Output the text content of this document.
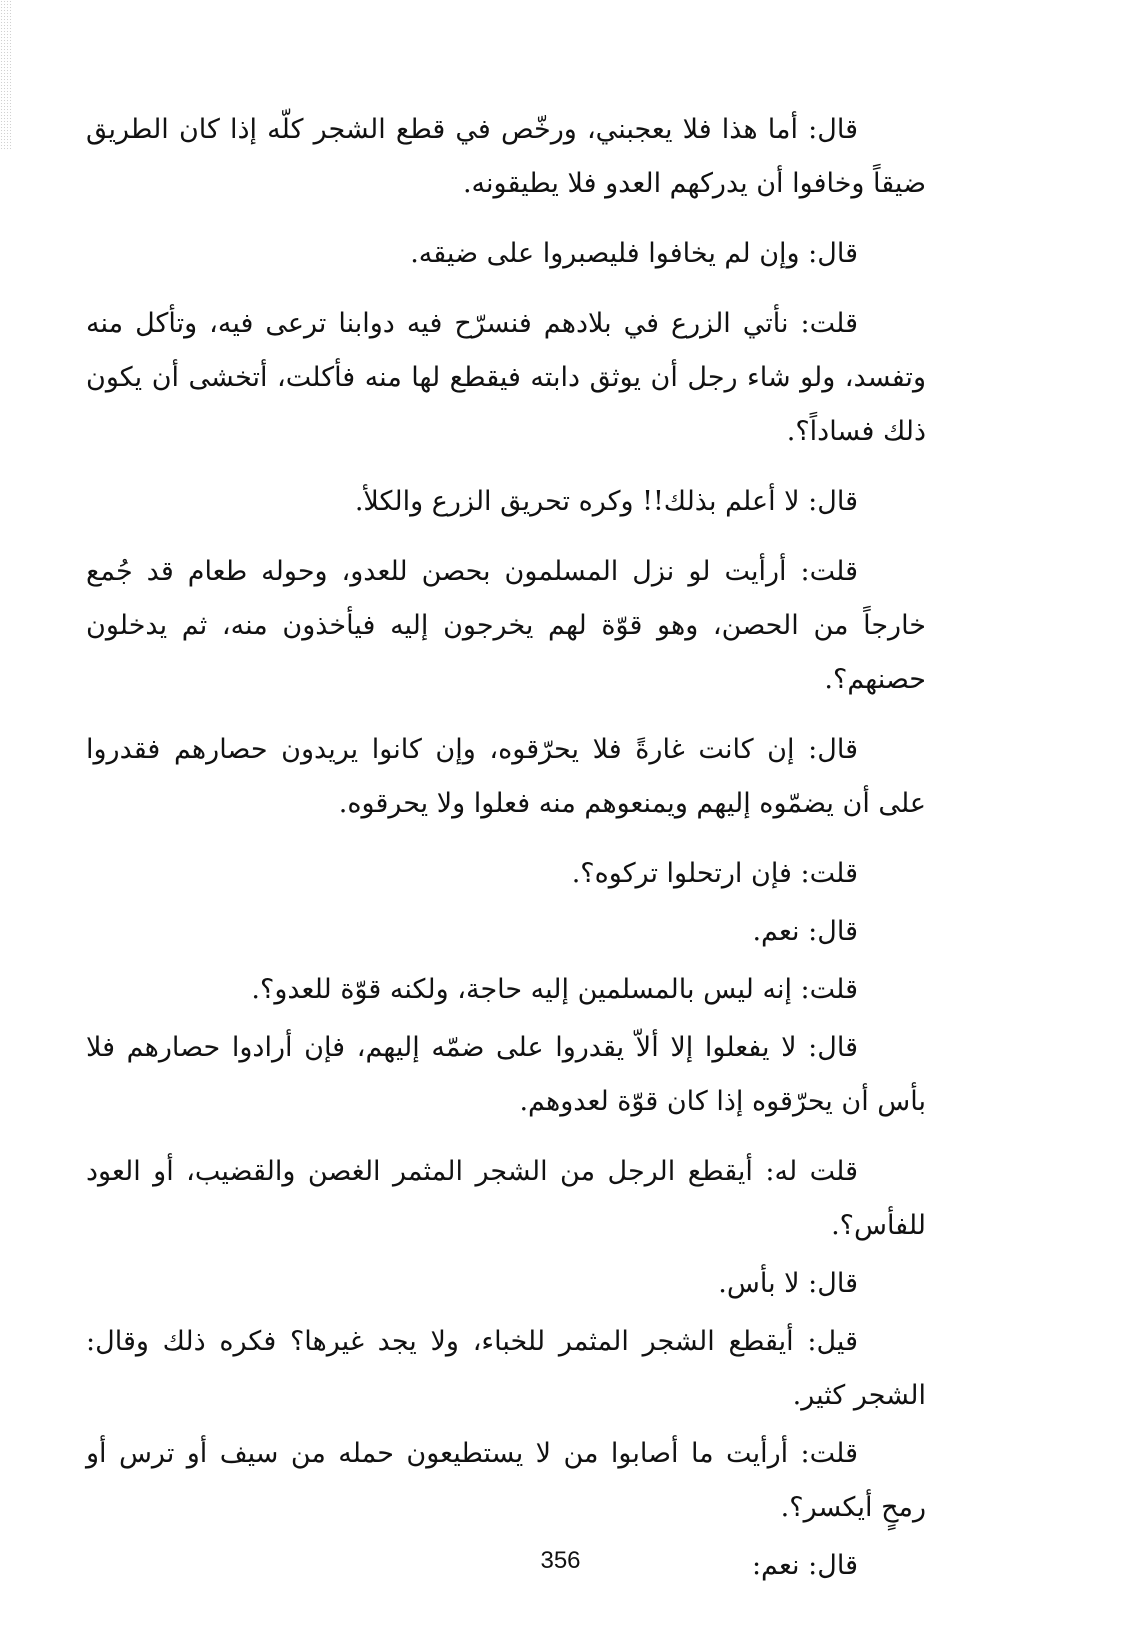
قال: أما هذا فلا يعجبني، ورخّص في قطع الشجر كلّه إذا كان الطريق ضيقاً وخافوا أن يدركهم العدو فلا يطيقونه.

قال: وإن لم يخافوا فليصبروا على ضيقه.

قلت: نأتي الزرع في بلادهم فنسرّح فيه دوابنا ترعى فيه، وتأكل منه وتفسد، ولو شاء رجل أن يوثق دابته فيقطع لها منه فأكلت، أتخشى أن يكون ذلك فساداً؟.

قال: لا أعلم بذلك!! وكره تحريق الزرع والكلأ.

قلت: أرأيت لو نزل المسلمون بحصن للعدو، وحوله طعام قد جُمع خارجاً من الحصن، وهو قوّة لهم يخرجون إليه فيأخذون منه، ثم يدخلون حصنهم؟.

قال: إن كانت غارةً فلا يحرّقوه، وإن كانوا يريدون حصارهم فقدروا على أن يضمّوه إليهم ويمنعوهم منه فعلوا ولا يحرقوه.

قلت: فإن ارتحلوا تركوه؟.

قال: نعم.

قلت: إنه ليس بالمسلمين إليه حاجة، ولكنه قوّة للعدو؟.

قال: لا يفعلوا إلا ألاّ يقدروا على ضمّه إليهم، فإن أرادوا حصارهم فلا بأس أن يحرّقوه إذا كان قوّة لعدوهم.

قلت له: أيقطع الرجل من الشجر المثمر الغصن والقضيب، أو العود للفأس؟.

قال: لا بأس.

قيل: أيقطع الشجر المثمر للخباء، ولا يجد غيرها؟ فكره ذلك وقال: الشجر كثير.

قلت: أرأيت ما أصابوا من لا يستطيعون حمله من سيف أو ترس أو رمحٍ أيكسر؟.

قال: نعم:

356
